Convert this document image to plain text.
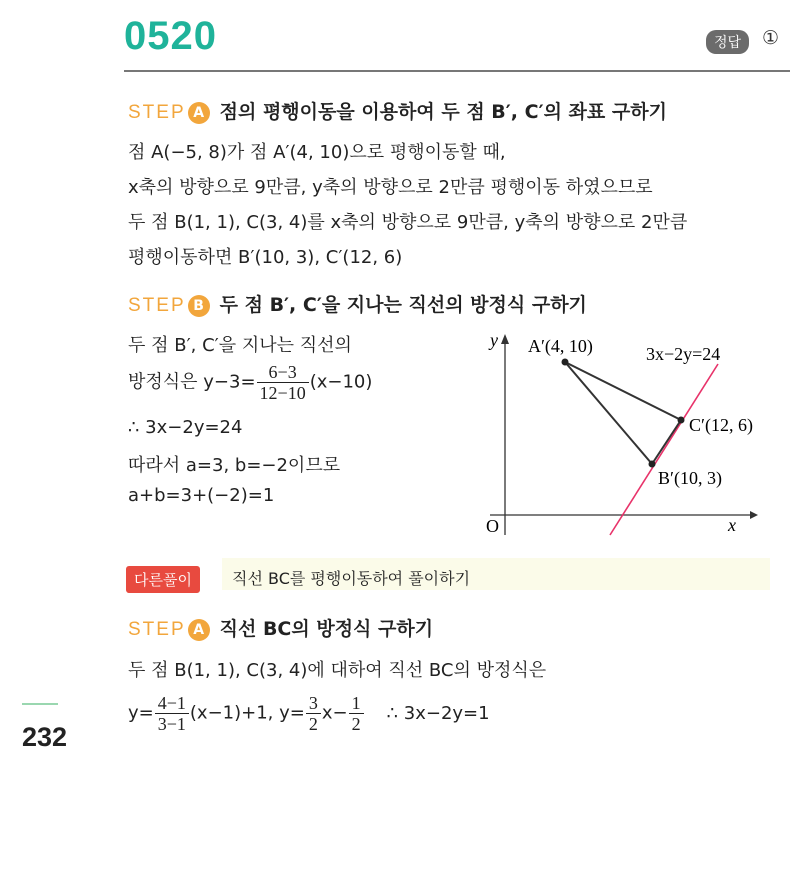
0520	정답	①
STEP A 점의 평행이동을 이용하여 두 점 B′, C′의 좌표 구하기
점 A(−5, 8)가 점 A′(4, 10)으로 평행이동할 때,
x축의 방향으로 9만큼, y축의 방향으로 2만큼 평행이동 하였으므로
두 점 B(1, 1), C(3, 4)를 x축의 방향으로 9만큼, y축의 방향으로 2만큼
평행이동하면 B′(10, 3), C′(12, 6)
STEP B 두 점 B′, C′을 지나는 직선의 방정식 구하기
두 점 B′, C′을 지나는 직선의
방정식은 $y-3= \frac{6-3}{12-10} (x-10)$
∴ 3x−2y=24
따라서 a=3, b=−2이므로
a+b=3+(−2)=1
y
x
O
A′(4, 10)
C′(12, 6)
B′(10, 3)
3x−2y=24
다른풀이	직선 BC를 평행이동하여 풀이하기
STEP A 직선 BC의 방정식 구하기
두 점 B(1, 1), C(3, 4)에 대하여 직선 BC의 방정식은
$y= \frac{4-1}{3-1} (x-1)+1$, $y= \frac{3}{2} x- \frac{1}{2}$ ∴ 3x−2y=1
232
